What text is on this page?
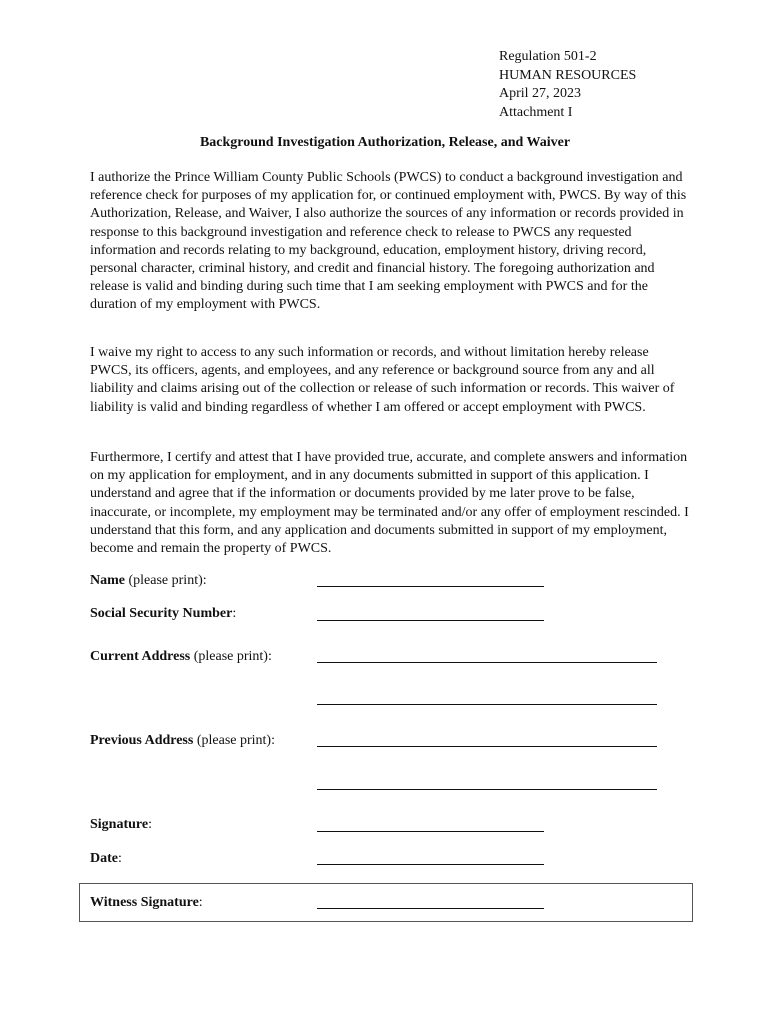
Regulation 501-2
HUMAN RESOURCES
April 27, 2023
Attachment I
Background Investigation Authorization, Release, and Waiver

I authorize the Prince William County Public Schools (PWCS) to conduct a background investigation and reference check for purposes of my application for, or continued employment with, PWCS. By way of this Authorization, Release, and Waiver, I also authorize the sources of any information or records provided in response to this background investigation and reference check to release to PWCS any requested information and records relating to my background, education, employment history, driving record, personal character, criminal history, and credit and financial history. The foregoing authorization and release is valid and binding during such time that I am seeking employment with PWCS and for the duration of my employment with PWCS.

I waive my right to access to any such information or records, and without limitation hereby release PWCS, its officers, agents, and employees, and any reference or background source from any and all liability and claims arising out of the collection or release of such information or records. This waiver of liability is valid and binding regardless of whether I am offered or accept employment with PWCS.

Furthermore, I certify and attest that I have provided true, accurate, and complete answers and information on my application for employment, and in any documents submitted in support of this application. I understand and agree that if the information or documents provided by me later prove to be false, inaccurate, or incomplete, my employment may be terminated and/or any offer of employment rescinded. I understand that this form, and any application and documents submitted in support of my employment, become and remain the property of PWCS.

Name (please print):
Social Security Number:
Current Address (please print):
Previous Address (please print):
Signature:
Date:
Witness Signature:
